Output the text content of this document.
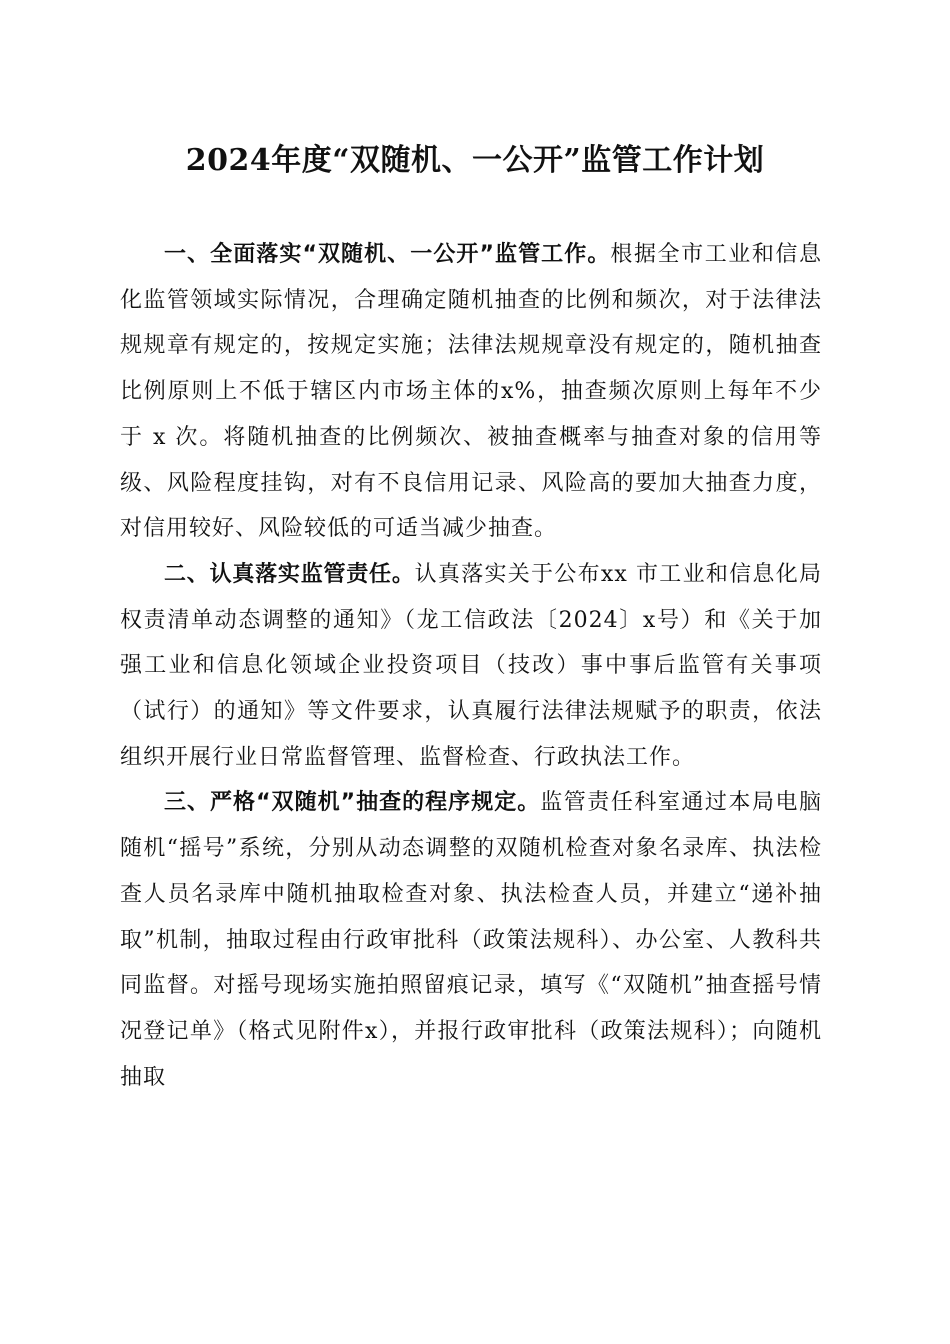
2024年度“双随机、一公开”监管工作计划

一、全面落实“双随机、一公开”监管工作。根据全市工业和信息化监管领域实际情况，合理确定随机抽查的比例和频次，对于法律法规规章有规定的，按规定实施；法律法规规章没有规定的，随机抽查比例原则上不低于辖区内市场主体的x%，抽查频次原则上每年不少于 x 次。将随机抽查的比例频次、被抽查概率与抽查对象的信用等级、风险程度挂钩，对有不良信用记录、风险高的要加大抽查力度，对信用较好、风险较低的可适当减少抽查。

二、认真落实监管责任。认真落实关于公布xx 市工业和信息化局权责清单动态调整的通知》（龙工信政法〔2024〕x号）和《关于加强工业和信息化领域企业投资项目（技改）事中事后监管有关事项（试行）的通知》等文件要求，认真履行法律法规赋予的职责，依法组织开展行业日常监督管理、监督检查、行政执法工作。

三、严格“双随机”抽查的程序规定。监管责任科室通过本局电脑随机“摇号”系统，分别从动态调整的双随机检查对象名录库、执法检查人员名录库中随机抽取检查对象、执法检查人员，并建立“递补抽取”机制，抽取过程由行政审批科（政策法规科）、办公室、人教科共同监督。对摇号现场实施拍照留痕记录，填写《“双随机”抽查摇号情况登记单》（格式见附件x），并报行政审批科（政策法规科）；向随机抽取
